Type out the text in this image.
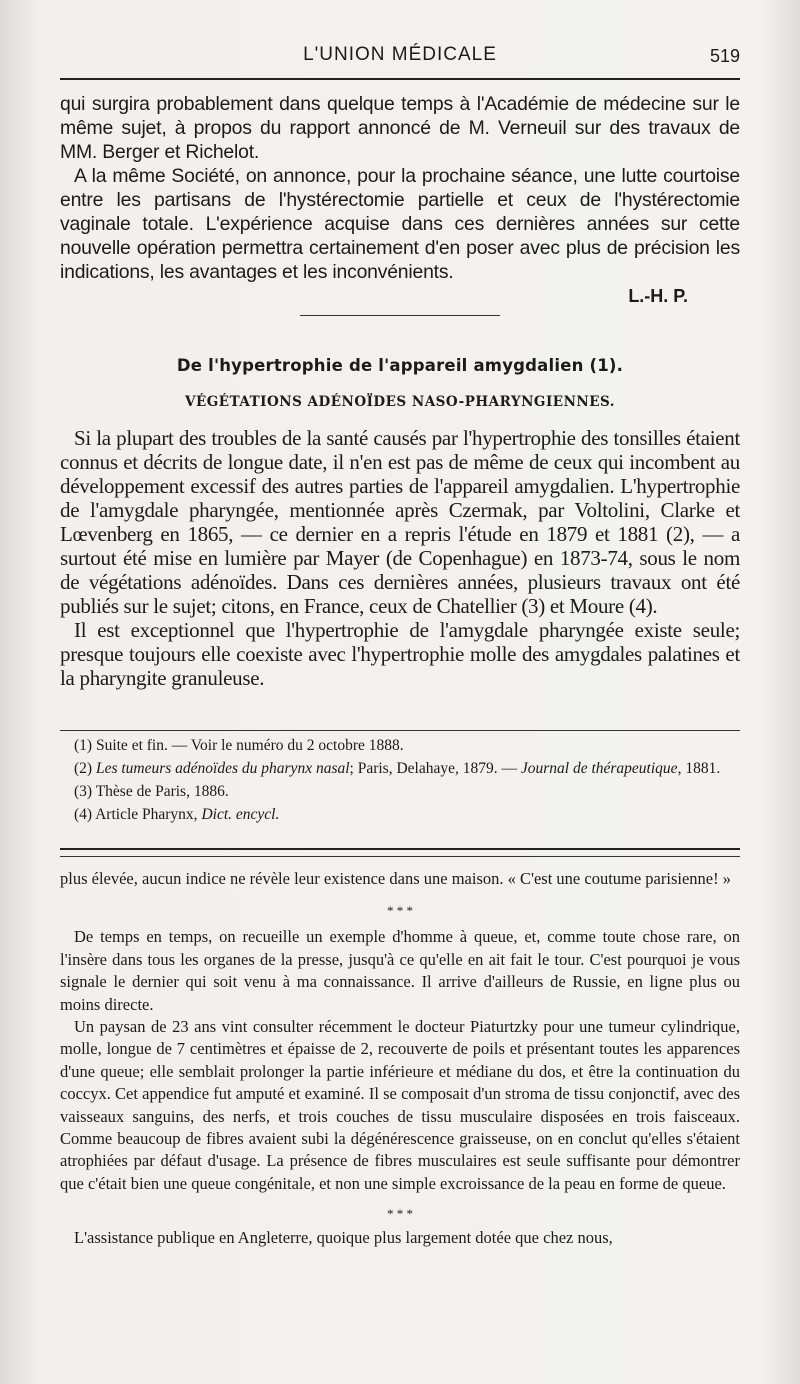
L'UNION MÉDICALE	519

qui surgira probablement dans quelque temps à l'Académie de médecine sur le même sujet, à propos du rapport annoncé de M. Verneuil sur des travaux de MM. Berger et Richelot.

A la même Société, on annonce, pour la prochaine séance, une lutte courtoise entre les partisans de l'hystérectomie partielle et ceux de l'hystérectomie vaginale totale. L'expérience acquise dans ces dernières années sur cette nouvelle opération permettra certainement d'en poser avec plus de précision les indications, les avantages et les inconvénients.

L.-H. P.
De l'hypertrophie de l'appareil amygdalien (1).
VÉGÉTATIONS ADÉNOÏDES NASO-PHARYNGIENNES.

Si la plupart des troubles de la santé causés par l'hypertrophie des tonsilles étaient connus et décrits de longue date, il n'en est pas de même de ceux qui incombent au développement excessif des autres parties de l'appareil amygdalien. L'hypertrophie de l'amygdale pharyngée, mentionnée après Czermak, par Voltolini, Clarke et Lœvenberg en 1865, — ce dernier en a repris l'étude en 1879 et 1881 (2), — a surtout été mise en lumière par Mayer (de Copenhague) en 1873-74, sous le nom de végétations adénoïdes. Dans ces dernières années, plusieurs travaux ont été publiés sur le sujet; citons, en France, ceux de Chatellier (3) et Moure (4).

Il est exceptionnel que l'hypertrophie de l'amygdale pharyngée existe seule; presque toujours elle coexiste avec l'hypertrophie molle des amygdales palatines et la pharyngite granuleuse.

(1) Suite et fin. — Voir le numéro du 2 octobre 1888.

(2) Les tumeurs adénoïdes du pharynx nasal; Paris, Delahaye, 1879. — Journal de thérapeutique, 1881.

(3) Thèse de Paris, 1886.

(4) Article Pharynx, Dict. encycl.

plus élevée, aucun indice ne révèle leur existence dans une maison. « C'est une coutume parisienne! »

* * *

De temps en temps, on recueille un exemple d'homme à queue, et, comme toute chose rare, on l'insère dans tous les organes de la presse, jusqu'à ce qu'elle en ait fait le tour. C'est pourquoi je vous signale le dernier qui soit venu à ma connaissance. Il arrive d'ailleurs de Russie, en ligne plus ou moins directe.

Un paysan de 23 ans vint consulter récemment le docteur Piaturtzky pour une tumeur cylindrique, molle, longue de 7 centimètres et épaisse de 2, recouverte de poils et présentant toutes les apparences d'une queue; elle semblait prolonger la partie inférieure et médiane du dos, et être la continuation du coccyx. Cet appendice fut amputé et examiné. Il se composait d'un stroma de tissu conjonctif, avec des vaisseaux sanguins, des nerfs, et trois couches de tissu musculaire disposées en trois faisceaux. Comme beaucoup de fibres avaient subi la dégénérescence graisseuse, on en conclut qu'elles s'étaient atrophiées par défaut d'usage. La présence de fibres musculaires est seule suffisante pour démontrer que c'était bien une queue congénitale, et non une simple excroissance de la peau en forme de queue.

* * *

L'assistance publique en Angleterre, quoique plus largement dotée que chez nous,
